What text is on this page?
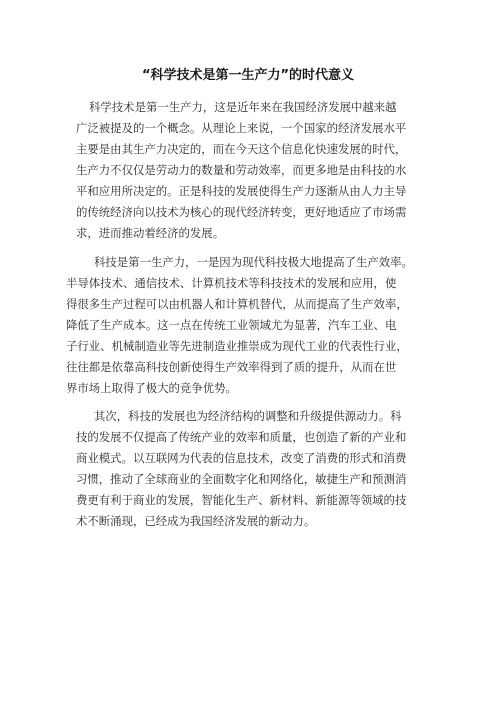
“科学技术是第一生产力”的时代意义
科学技术是第一生产力，这是近年来在我国经济发展中越来越
广泛被提及的一个概念。从理论上来说，一个国家的经济发展水平
主要是由其生产力决定的，而在今天这个信息化快速发展的时代，
生产力不仅仅是劳动力的数量和劳动效率，而更多地是由科技的水
平和应用所决定的。正是科技的发展使得生产力逐渐从由人力主导
的传统经济向以技术为核心的现代经济转变，更好地适应了市场需
求，进而推动着经济的发展。
科技是第一生产力，一是因为现代科技极大地提高了生产效率。
半导体技术、通信技术、计算机技术等科技技术的发展和应用，使
得很多生产过程可以由机器人和计算机替代，从而提高了生产效率，
降低了生产成本。这一点在传统工业领域尤为显著，汽车工业、电
子行业、机械制造业等先进制造业推崇成为现代工业的代表性行业，
往往都是依靠高科技创新使得生产效率得到了质的提升，从而在世
界市场上取得了极大的竞争优势。
其次，科技的发展也为经济结构的调整和升级提供源动力。科
技的发展不仅提高了传统产业的效率和质量，也创造了新的产业和
商业模式。以互联网为代表的信息技术，改变了消费的形式和消费
习惯，推动了全球商业的全面数字化和网络化，敏捷生产和预测消
费更有利于商业的发展，智能化生产、新材料、新能源等领域的技
术不断涌现，已经成为我国经济发展的新动力。
